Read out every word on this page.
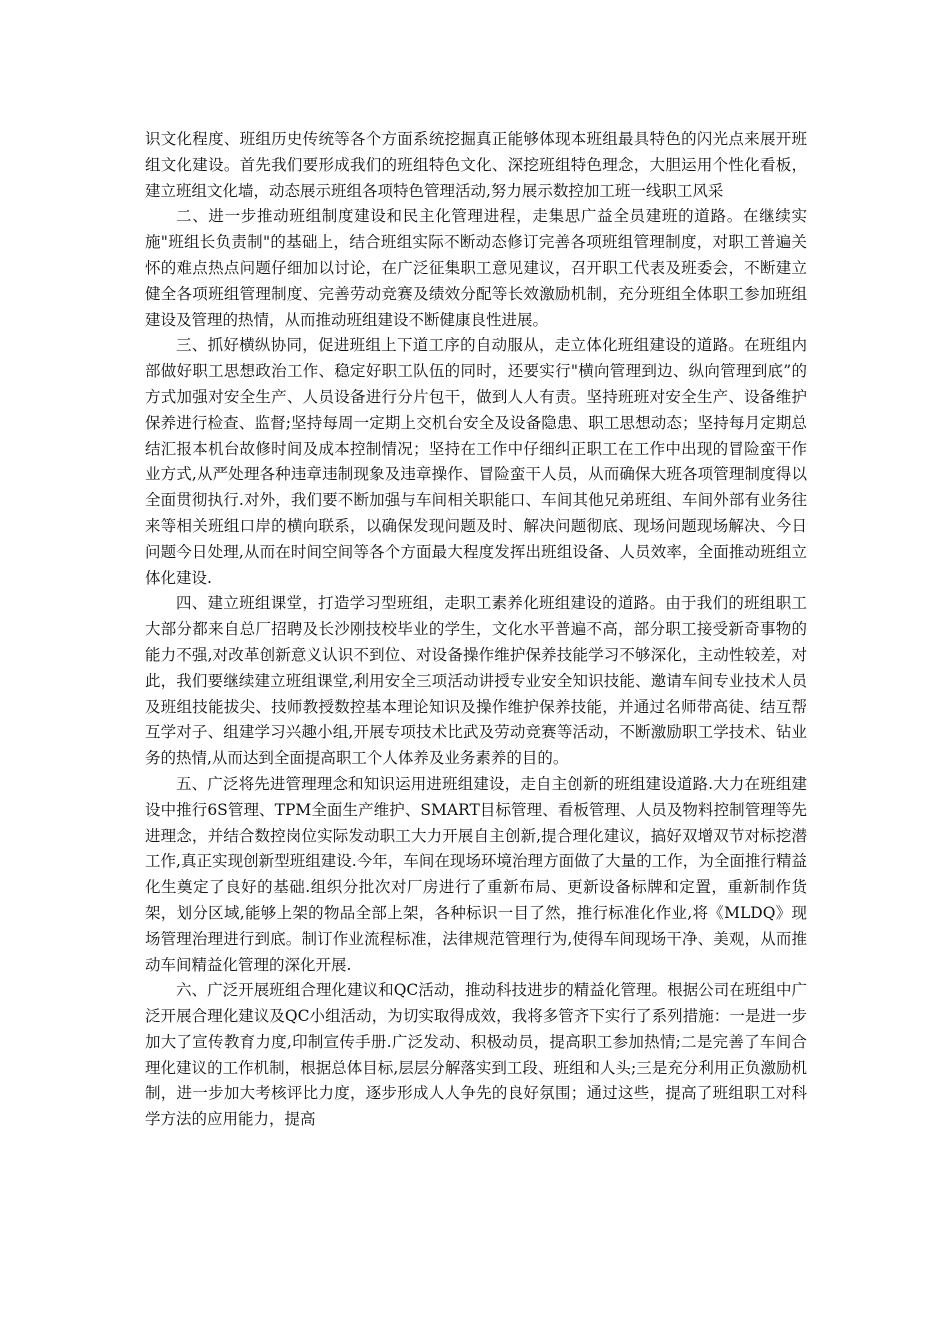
识文化程度、班组历史传统等各个方面系统挖掘真正能够体现本班组最具特色的闪光点来展开班组文化建设。首先我们要形成我们的班组特色文化、深挖班组特色理念，大胆运用个性化看板，建立班组文化墙，动态展示班组各项特色管理活动,努力展示数控加工班一线职工风采

二、进一步推动班组制度建设和民主化管理进程，走集思广益全员建班的道路。在继续实施"班组长负责制"的基础上，结合班组实际不断动态修订完善各项班组管理制度，对职工普遍关怀的难点热点问题仔细加以讨论，在广泛征集职工意见建议，召开职工代表及班委会，不断建立健全各项班组管理制度、完善劳动竞赛及绩效分配等长效激励机制，充分班组全体职工参加班组建设及管理的热情，从而推动班组建设不断健康良性进展。

三、抓好横纵协同，促进班组上下道工序的自动服从，走立体化班组建设的道路。在班组内部做好职工思想政治工作、稳定好职工队伍的同时，还要实行"横向管理到边、纵向管理到底”的方式加强对安全生产、人员设备进行分片包干，做到人人有责。坚持班班对安全生产、设备维护保养进行检查、监督;坚持每周一定期上交机台安全及设备隐患、职工思想动态；坚持每月定期总结汇报本机台故修时间及成本控制情况；坚持在工作中仔细纠正职工在工作中出现的冒险蛮干作业方式,从严处理各种违章违制现象及违章操作、冒险蛮干人员，从而确保大班各项管理制度得以全面贯彻执行.对外，我们要不断加强与车间相关职能口、车间其他兄弟班组、车间外部有业务往来等相关班组口岸的横向联系，以确保发现问题及时、解决问题彻底、现场问题现场解决、今日问题今日处理,从而在时间空间等各个方面最大程度发挥出班组设备、人员效率，全面推动班组立体化建设.

四、建立班组课堂，打造学习型班组，走职工素养化班组建设的道路。由于我们的班组职工大部分都来自总厂招聘及长沙刚技校毕业的学生，文化水平普遍不高，部分职工接受新奇事物的能力不强,对改革创新意义认识不到位、对设备操作维护保养技能学习不够深化，主动性较差，对此，我们要继续建立班组课堂,利用安全三项活动讲授专业安全知识技能、邀请车间专业技术人员及班组技能拔尖、技师教授数控基本理论知识及操作维护保养技能，并通过名师带高徒、结互帮互学对子、组建学习兴趣小组,开展专项技术比武及劳动竞赛等活动，不断激励职工学技术、钻业务的热情,从而达到全面提高职工个人体养及业务素养的目的。

五、广泛将先进管理理念和知识运用进班组建设，走自主创新的班组建设道路.大力在班组建设中推行6S管理、TPM全面生产维护、SMART目标管理、看板管理、人员及物料控制管理等先进理念，并结合数控岗位实际发动职工大力开展自主创新,提合理化建议，搞好双增双节对标挖潜工作,真正实现创新型班组建设.今年，车间在现场环境治理方面做了大量的工作，为全面推行精益化生奠定了良好的基础.组织分批次对厂房进行了重新布局、更新设备标牌和定置，重新制作货架，划分区域,能够上架的物品全部上架，各种标识一目了然，推行标准化作业,将《MLDQ》现场管理治理进行到底。制订作业流程标准，法律规范管理行为,使得车间现场干净、美观，从而推动车间精益化管理的深化开展.

六、广泛开展班组合理化建议和QC活动，推动科技进步的精益化管理。根据公司在班组中广泛开展合理化建议及QC小组活动，为切实取得成效，我将多管齐下实行了系列措施：一是进一步加大了宣传教育力度,印制宣传手册.广泛发动、积极动员，提高职工参加热情;二是完善了车间合理化建议的工作机制，根据总体目标,层层分解落实到工段、班组和人头;三是充分利用正负激励机制，进一步加大考核评比力度，逐步形成人人争先的良好氛围；通过这些，提高了班组职工对科学方法的应用能力，提高
